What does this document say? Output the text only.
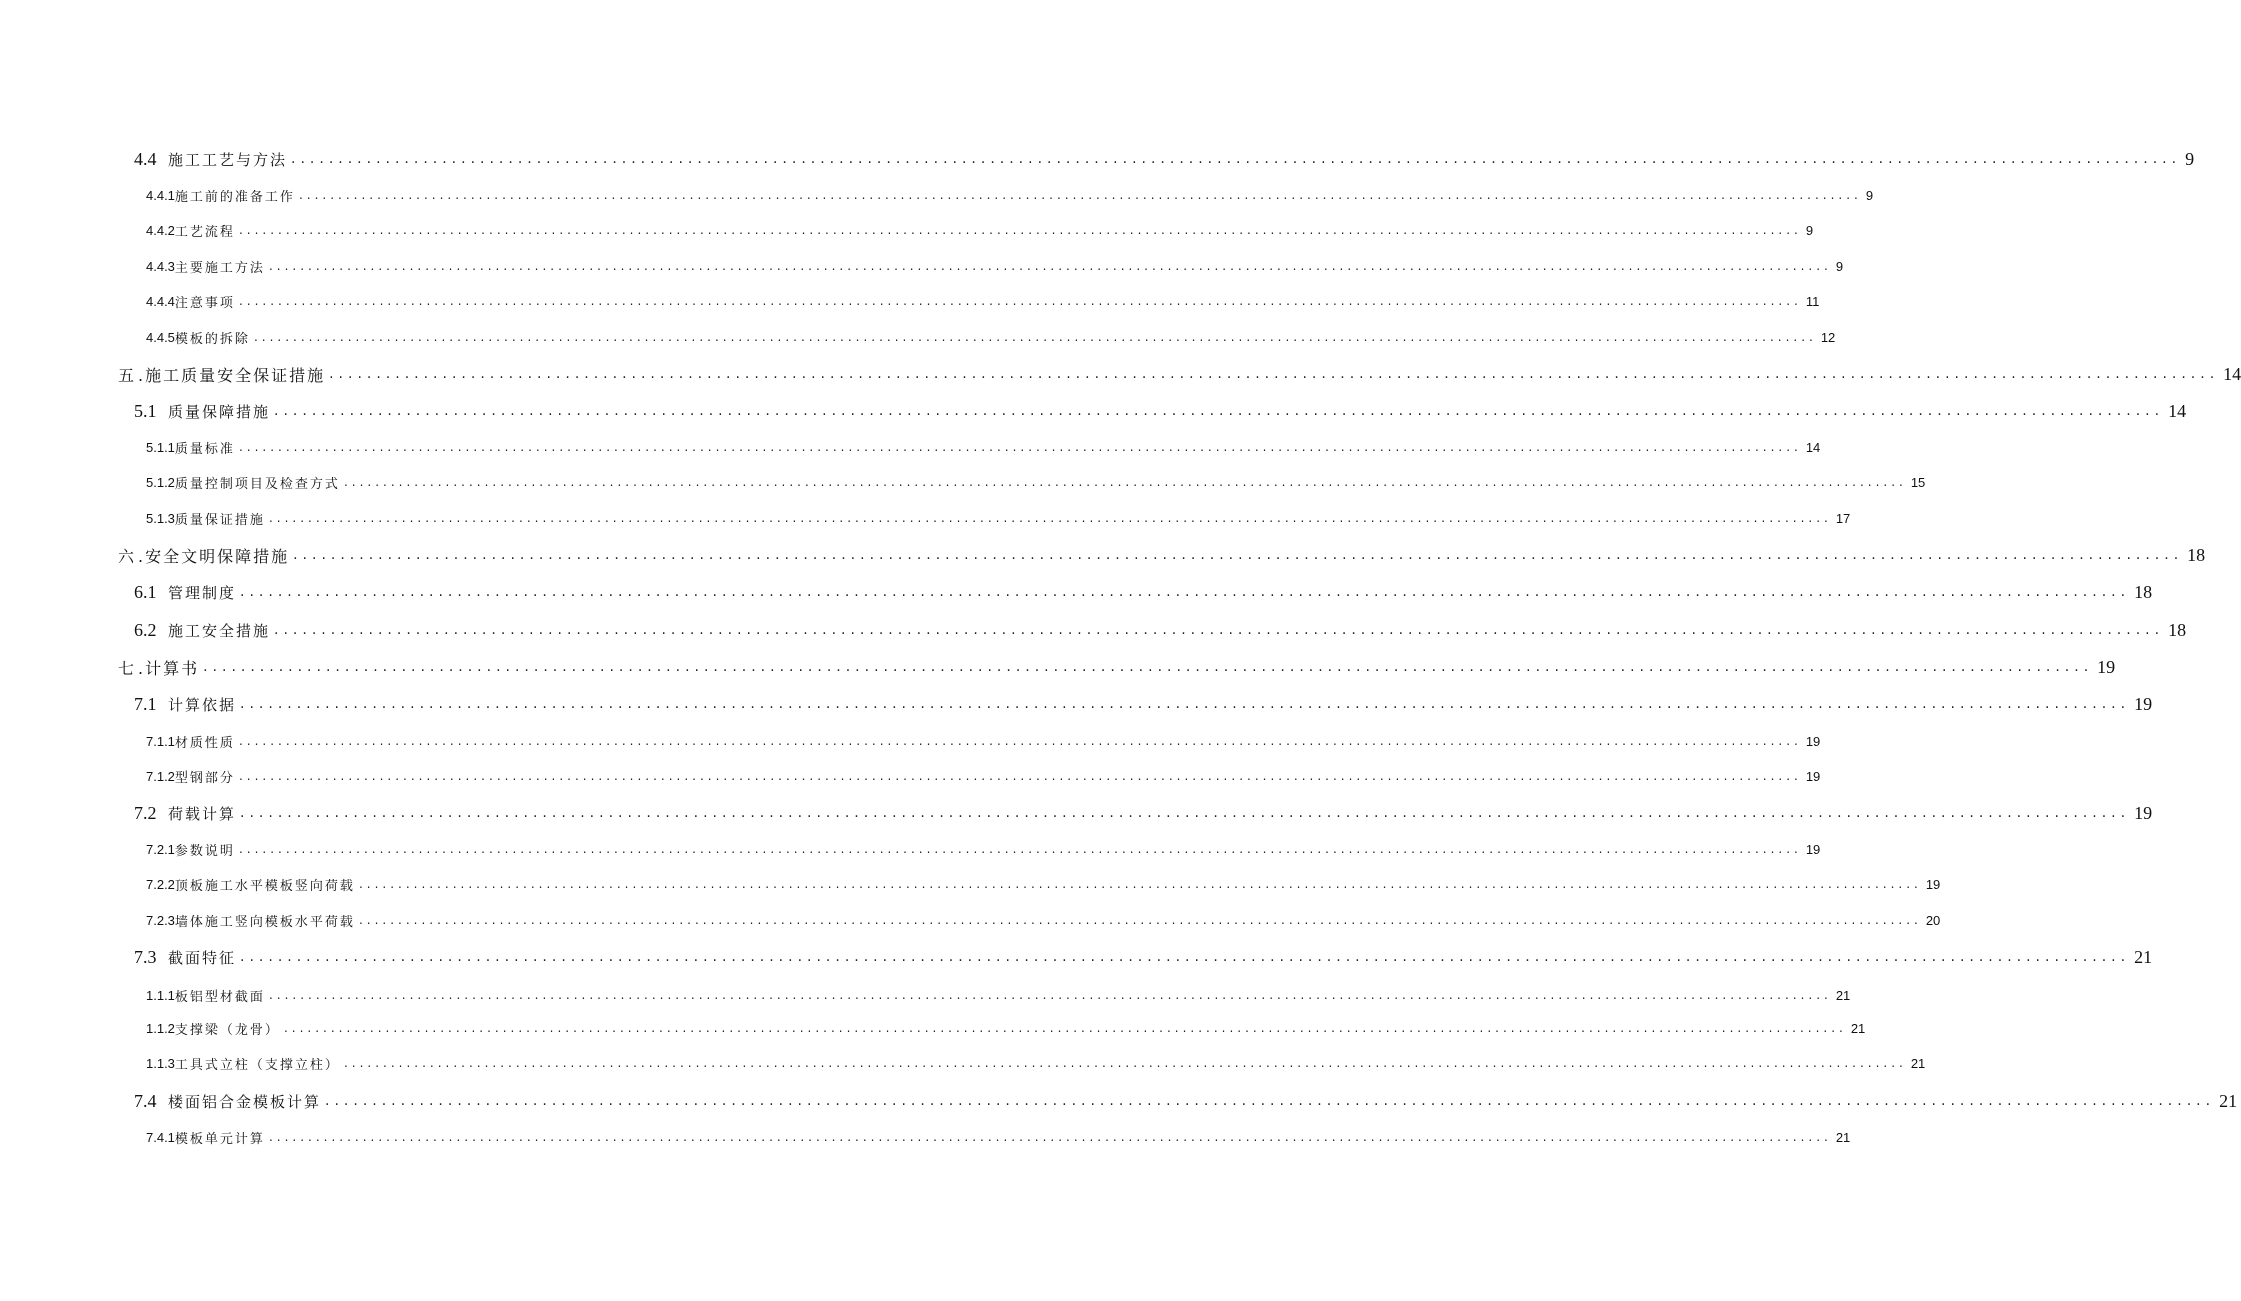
4.4 施工工艺与方法 ........................................................................................................................................................................................................ 9
4.4.1 施工前的准备工作 ........................................................................................................................................................................................................ 9
4.4.2 工艺流程 ........................................................................................................................................................................................................ 9
4.4.3 主要施工方法 ........................................................................................................................................................................................................ 9
4.4.4 注意事项 ........................................................................................................................................................................................................ 11
4.4.5 模板的拆除 ........................................................................................................................................................................................................ 12
五 .施工质量安全保证措施 ........................................................................................................................................................................................................ 14
5.1 质量保障措施 ........................................................................................................................................................................................................ 14
5.1.1 质量标准 ........................................................................................................................................................................................................ 14
5.1.2 质量控制项目及检查方式 ........................................................................................................................................................................................................ 15
5.1.3 质量保证措施 ........................................................................................................................................................................................................ 17
六 .安全文明保障措施 ........................................................................................................................................................................................................ 18
6.1 管理制度 ........................................................................................................................................................................................................ 18
6.2 施工安全措施 ........................................................................................................................................................................................................ 18
七 .计算书 ........................................................................................................................................................................................................ 19
7.1 计算依据 ........................................................................................................................................................................................................ 19
7.1.1 材质性质 ........................................................................................................................................................................................................ 19
7.1.2 型钢部分 ........................................................................................................................................................................................................ 19
7.2 荷载计算 ........................................................................................................................................................................................................ 19
7.2.1 参数说明 ........................................................................................................................................................................................................ 19
7.2.2 顶板施工水平模板竖向荷载 ........................................................................................................................................................................................................ 19
7.2.3 墙体施工竖向模板水平荷载 ........................................................................................................................................................................................................ 20
7.3 截面特征 ........................................................................................................................................................................................................ 21
1.1.1 板铝型材截面 ........................................................................................................................................................................................................ 21
1.1.2 支撑梁（龙骨） ........................................................................................................................................................................................................ 21
1.1.3 工具式立柱（支撑立柱） ........................................................................................................................................................................................................ 21
7.4 楼面铝合金模板计算 ........................................................................................................................................................................................................ 21
7.4.1 模板单元计算 ........................................................................................................................................................................................................ 21
